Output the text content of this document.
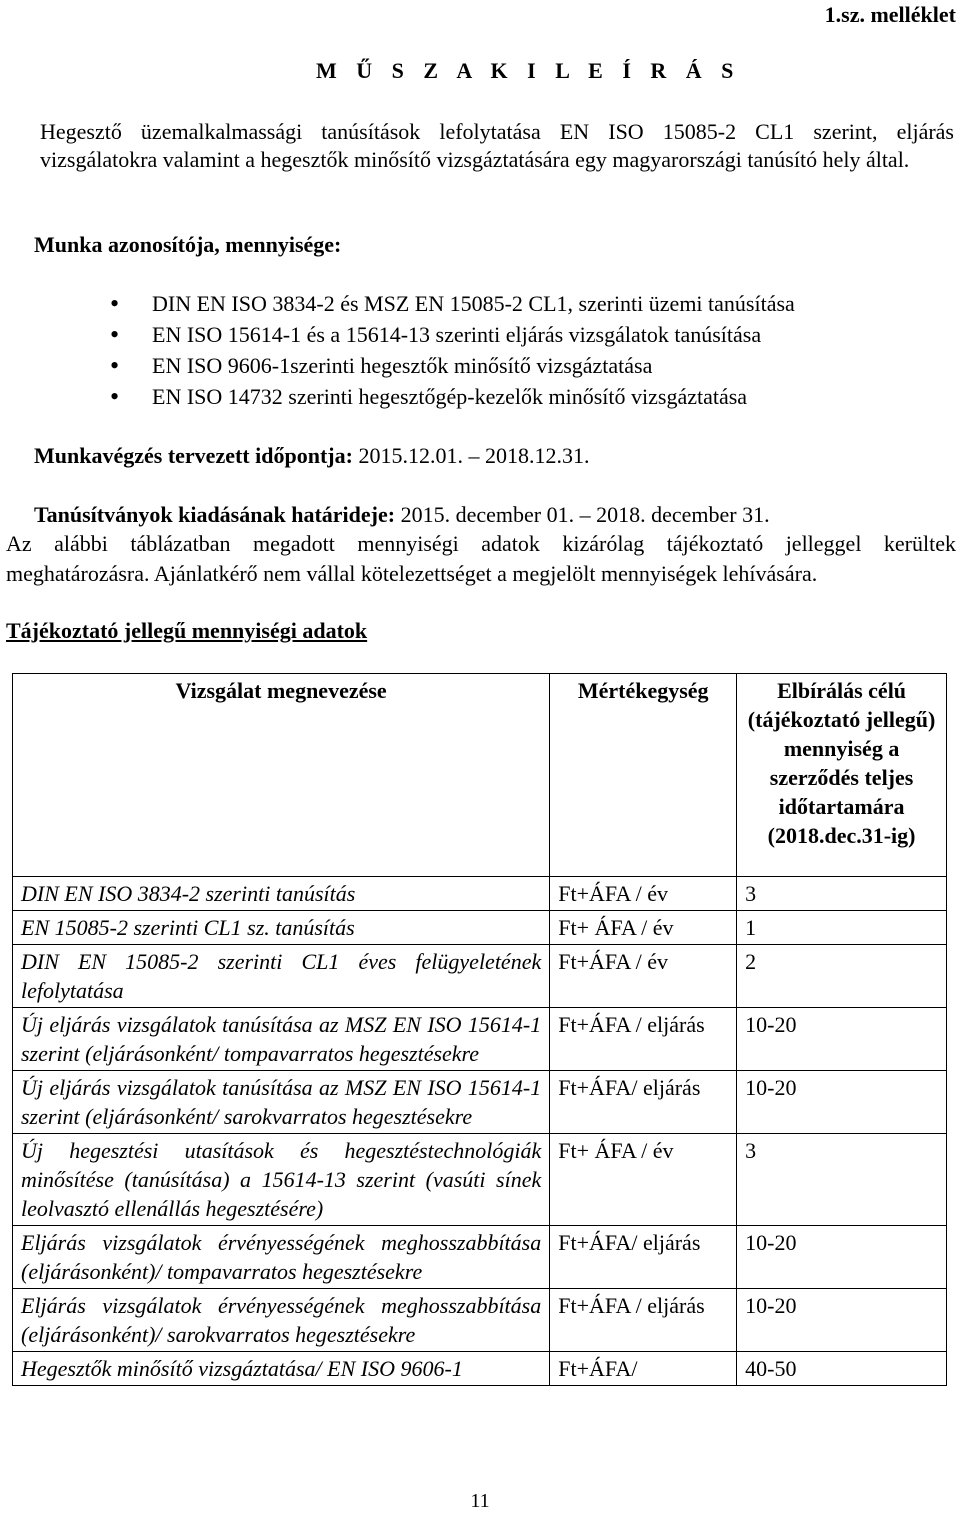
1.sz. melléklet
M Ű S Z A K I L E Í R Á S
Hegesztő üzemalkalmassági tanúsítások lefolytatása EN ISO 15085-2 CL1 szerint, eljárás vizsgálatokra valamint a hegesztők minősítő vizsgáztatására egy magyarországi tanúsító hely által.
Munka azonosítója, mennyisége:
• DIN EN ISO 3834-2 és MSZ EN 15085-2 CL1, szerinti üzemi tanúsítása
• EN ISO 15614-1 és a 15614-13 szerinti eljárás vizsgálatok tanúsítása
• EN ISO 9606-1szerinti hegesztők minősítő vizsgáztatása
• EN ISO 14732 szerinti hegesztőgép-kezelők minősítő vizsgáztatása
Munkavégzés tervezett időpontja: 2015.12.01. – 2018.12.31.
Tanúsítványok kiadásának határideje: 2015. december 01. – 2018. december 31.
Az alábbi táblázatban megadott mennyiségi adatok kizárólag tájékoztató jelleggel kerültek
meghatározásra. Ajánlatkérő nem vállal kötelezettséget a megjelölt mennyiségek lehívására.
Tájékoztató jellegű mennyiségi adatok
Vizsgálat megnevezése	Mértékegység	Elbírálás célú (tájékoztató jellegű) mennyiség a szerződés teljes időtartamára (2018.dec.31-ig)
DIN EN ISO 3834-2 szerinti tanúsítás	Ft+ÁFA / év	3
EN 15085-2 szerinti CL1 sz. tanúsítás	Ft+ ÁFA / év	1
DIN EN 15085-2 szerinti CL1 éves felügyeletének lefolytatása	Ft+ÁFA / év	2
Új eljárás vizsgálatok tanúsítása az MSZ EN ISO 15614-1 szerint (eljárásonként/ tompavarratos hegesztésekre	Ft+ÁFA / eljárás	10-20
Új eljárás vizsgálatok tanúsítása az MSZ EN ISO 15614-1 szerint (eljárásonként/ sarokvarratos hegesztésekre	Ft+ÁFA/ eljárás	10-20
Új hegesztési utasítások és hegesztéstechnológiák minősítése (tanúsítása) a 15614-13 szerint (vasúti sínek leolvasztó ellenállás hegesztésére)	Ft+ ÁFA / év	3
Eljárás vizsgálatok érvényességének meghosszabbítása (eljárásonként)/ tompavarratos hegesztésekre	Ft+ÁFA/ eljárás	10-20
Eljárás vizsgálatok érvényességének meghosszabbítása (eljárásonként)/ sarokvarratos hegesztésekre	Ft+ÁFA / eljárás	10-20
Hegesztők minősítő vizsgáztatása/ EN ISO 9606-1	Ft+ÁFA/	40-50
11
